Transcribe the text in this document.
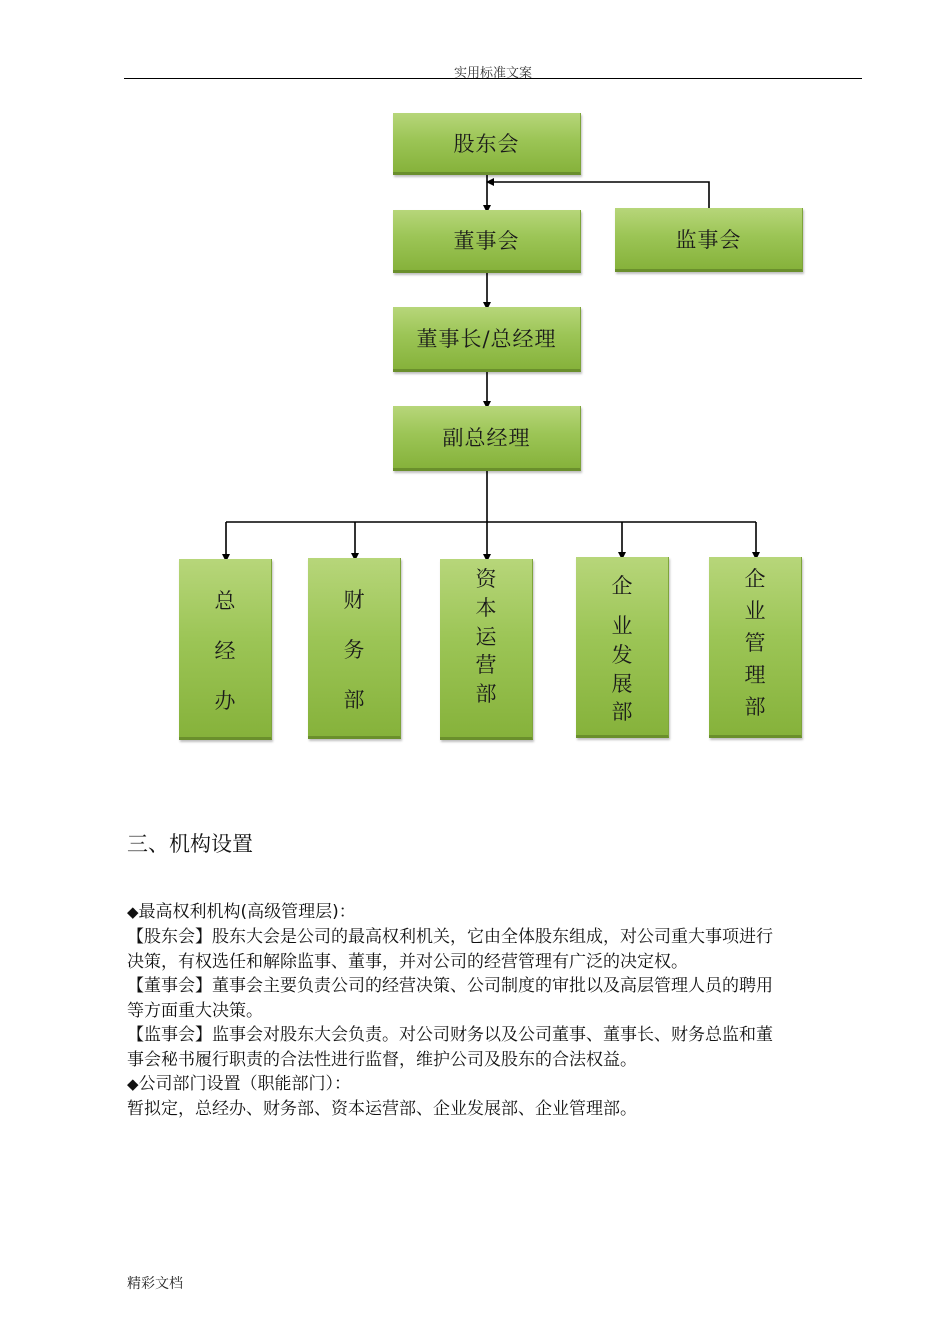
实用标准文案
股东会
董事会	监事会
董事长/总经理
副总经理
总
经
办
财
务
部
资
本
运
营
部
企
业
发
展
部
企
业
管
理
部
三、机构设置
◆最高权利机构(高级管理层)：
【股东会】股东大会是公司的最高权利机关，它由全体股东组成，对公司重大事项进行
决策，有权选任和解除监事、董事，并对公司的经营管理有广泛的决定权。
【董事会】董事会主要负责公司的经营决策、公司制度的审批以及高层管理人员的聘用
等方面重大决策。
【监事会】监事会对股东大会负责。对公司财务以及公司董事、董事长、财务总监和董
事会秘书履行职责的合法性进行监督，维护公司及股东的合法权益。
◆公司部门设置（职能部门）：
暂拟定，总经办、财务部、资本运营部、企业发展部、企业管理部。
精彩文档
